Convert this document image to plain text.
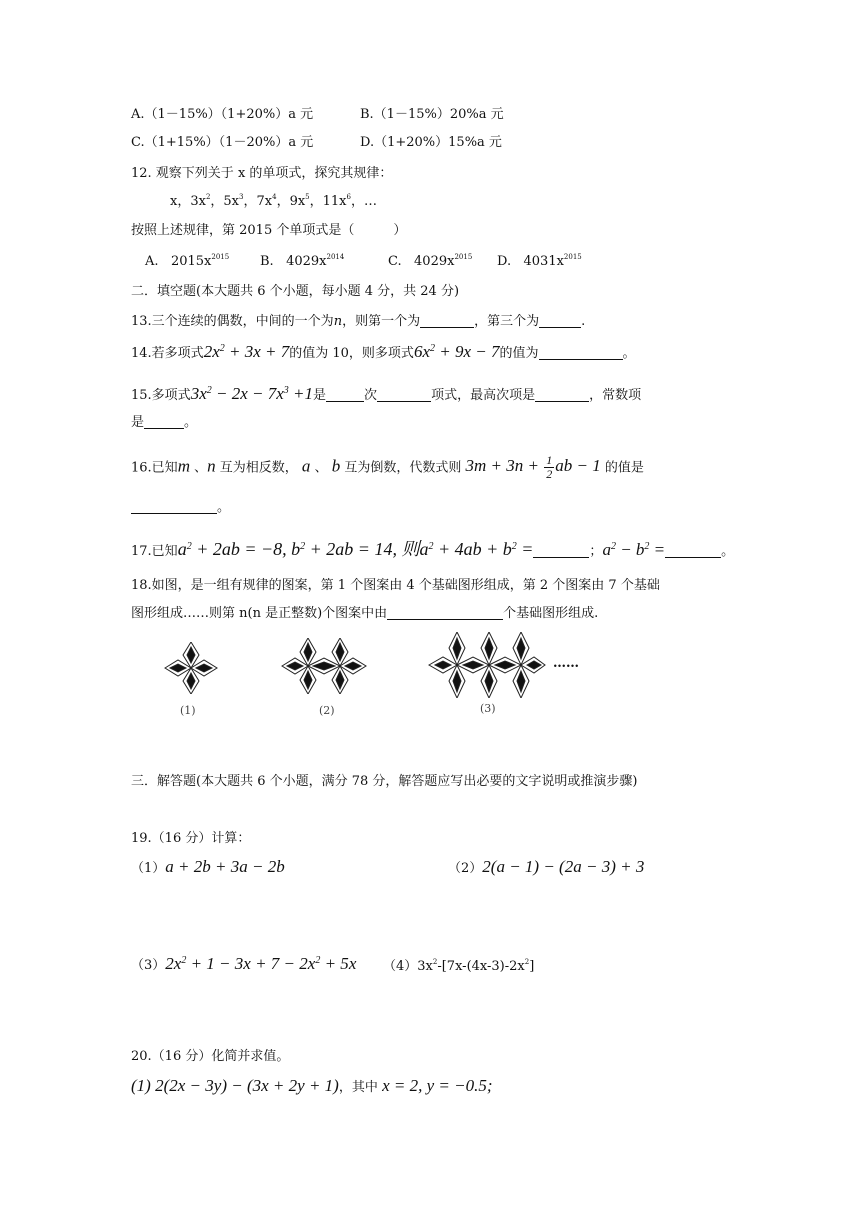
A.（1－15%）（1+20%）a 元	B.（1－15%）20%a 元
C.（1+15%）（1－20%）a 元	D.（1+20%）15%a 元
12. 观察下列关于 x 的单项式，探究其规律：
x，$3x^2$，$5x^3$，$7x^4$，$9x^5$，$11x^6$，…
按照上述规律，第 2015 个单项式是（　　　）
A. $2015x^{2015}$ B. $4029x^{2014}$	C. $4029x^{2015}$ D. $4031x^{2015}$
二．填空题(本大题共 6 个小题，每小题 4 分，共 24 分)
13.三个连续的偶数，中间的一个为n，则第一个为	，第三个为	.
14.若多项式$2x^2 + 3x + 7$的值为 10，则多项式$6x^2 + 9x - 7$的值为	。
15.多项式$3x^2 - 2x - 7x^3 +1$是	次	项式，最高次项是	，常数项
是	。
16.已知m 、n 互为相反数， a 、 b 互为倒数，代数式则 $3m + 3n + \frac{1}{2}$ ab − 1 的值是
。
17.已知$a^2 + 2ab = -8$, $b^2 + 2ab = 14$, 则$a^2 + 4ab + b^2$ =	；$a^2 - b^2$ =	。
18.如图，是一组有规律的图案，第 1 个图案由 4 个基础图形组成，第 2 个图案由 7 个基础
图形组成……则第 n(n 是正整数)个图案中由	个基础图形组成.
(1)	(2)
……
(3)
三．解答题(本大题共 6 个小题，满分 78 分，解答题应写出必要的文字说明或推演步骤)
19.（16 分）计算：
（1）a + 2b + 3a − 2b	（2）2(a − 1) − (2a − 3) + 3
$(3)2x^2 + 1 - 3x + 7 - 2x^2 + 5x$ $(4)3x^2-[7x-(4x-3)-2x^2]$
20.（16 分）化简并求值。
(1) 2(2x − 3y) − (3x + 2y + 1)，其中 x = 2, y = −0.5;
